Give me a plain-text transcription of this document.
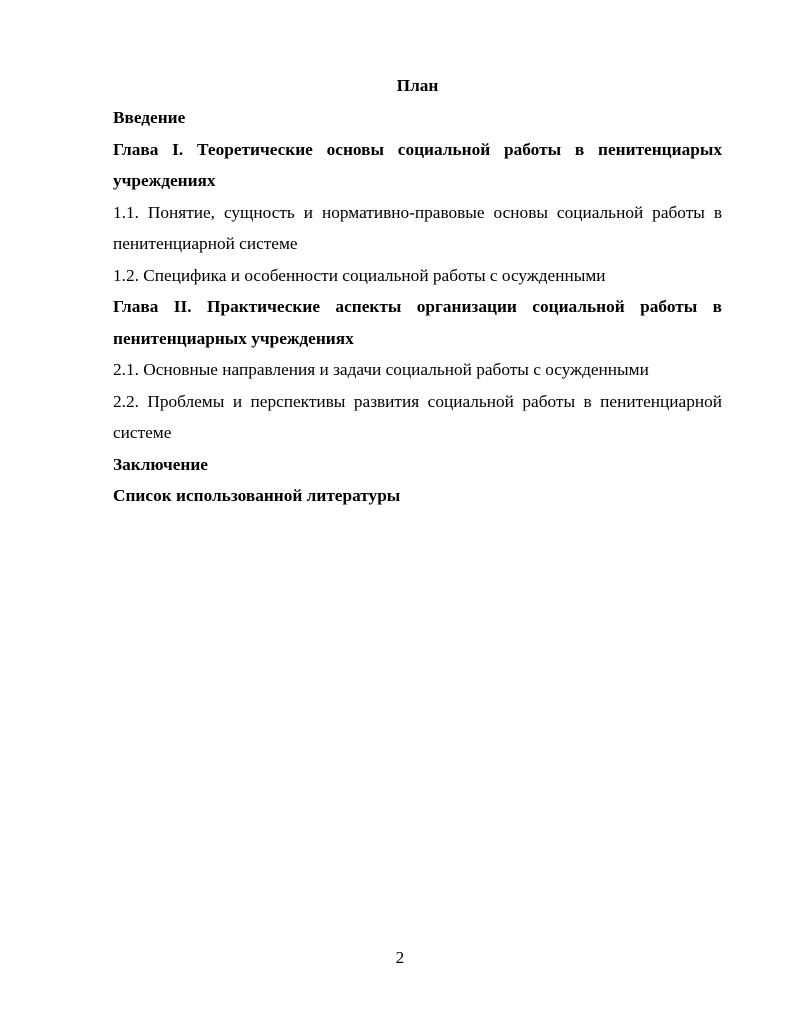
План

Введение

Глава I. Теоретические основы социальной работы в пенитенциарых учреждениях

1.1. Понятие, сущность и нормативно-правовые основы социальной работы в пенитенциарной системе

1.2. Специфика и особенности социальной работы с осужденными

Глава II. Практические аспекты организации социальной работы в пенитенциарных учреждениях

2.1. Основные направления и задачи социальной работы с осужденными

2.2. Проблемы и перспективы развития социальной работы в пенитенциарной системе

Заключение

Список использованной литературы

2
